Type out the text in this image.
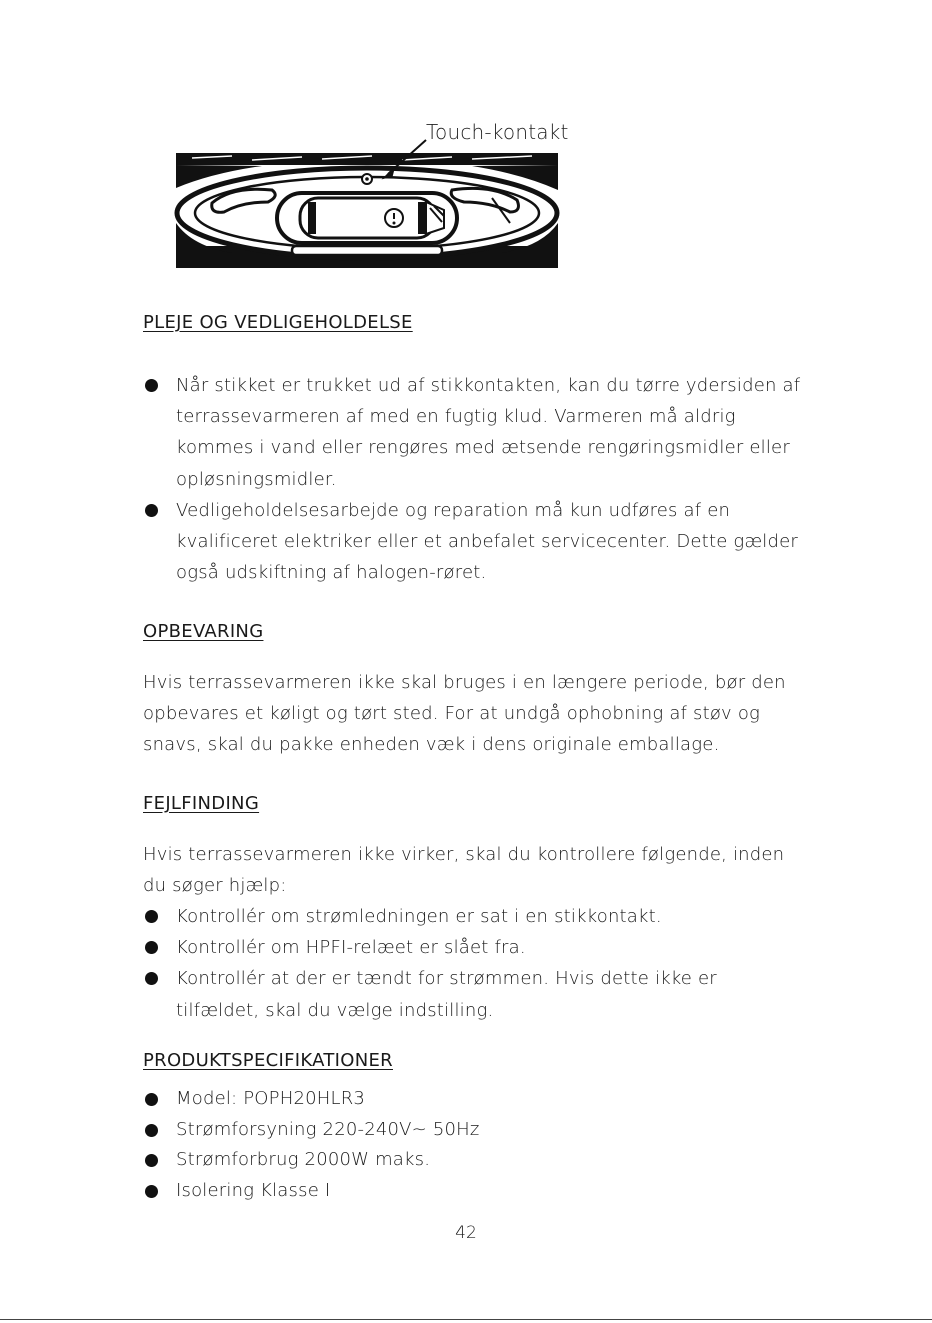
Touch-kontakt
PLEJE OG VEDLIGEHOLDELSE
Når stikket er trukket ud af stikkontakten, kan du tørre ydersiden af terrassevarmeren af med en fugtig klud. Varmeren må aldrig kommes i vand eller rengøres med ætsende rengøringsmidler eller opløsningsmidler.
Vedligeholdelsesarbejde og reparation må kun udføres af en kvalificeret elektriker eller et anbefalet servicecenter. Dette gælder også udskiftning af halogen-røret.
OPBEVARING

Hvis terrassevarmeren ikke skal bruges i en længere periode, bør den opbevares et køligt og tørt sted. For at undgå ophobning af støv og snavs, skal du pakke enheden væk i dens originale emballage.

FEJLFINDING

Hvis terrassevarmeren ikke virker, skal du kontrollere følgende, inden du søger hjælp:

Kontrollér om strømledningen er sat i en stikkontakt.
Kontrollér om HPFI-relæet er slået fra.
Kontrollér at der er tændt for strømmen. Hvis dette ikke er tilfældet, skal du vælge indstilling.
PRODUKTSPECIFIKATIONER
Model: POPH20HLR3
Strømforsyning 220-240V~ 50Hz
Strømforbrug 2000W maks.
Isolering Klasse I
42
